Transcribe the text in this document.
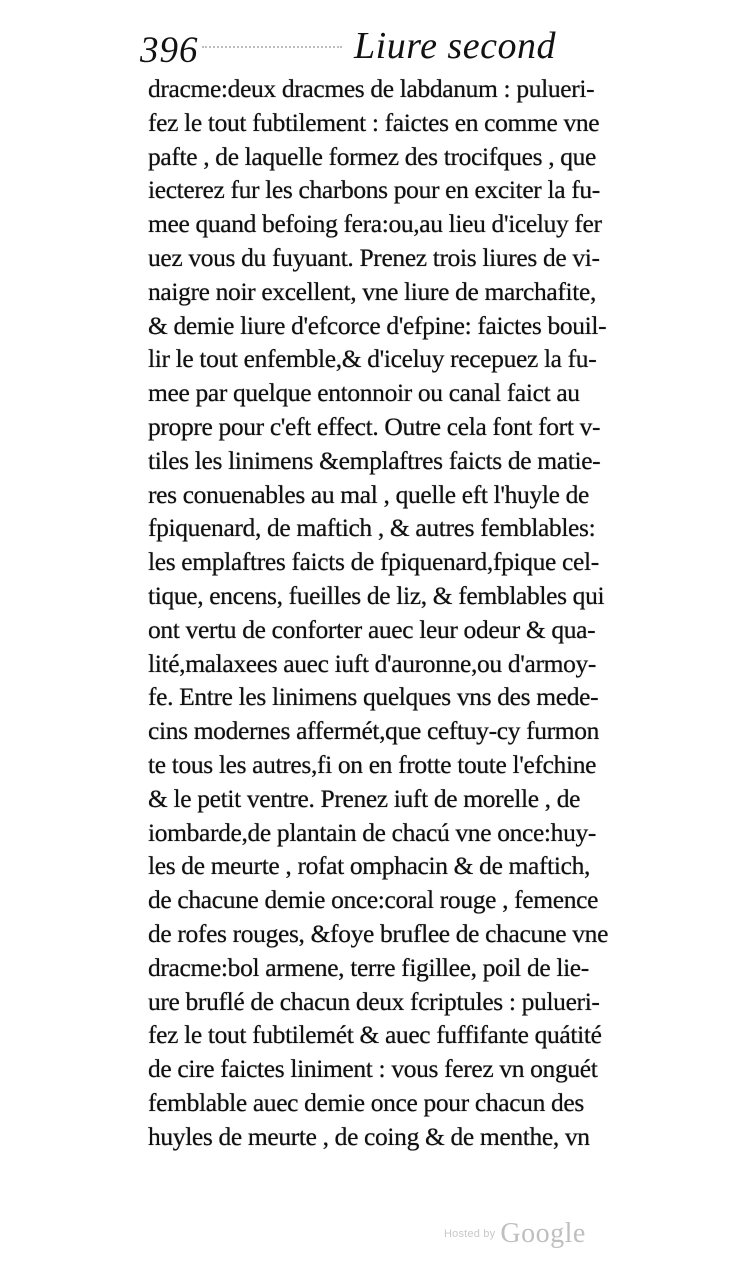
396	Liure second
dracme:deux dracmes de labdanum : pulueri-
fez le tout fubtilement : faictes en comme vne
pafte , de laquelle formez des trocifques , que
iecterez fur les charbons pour en exciter la fu-
mee quand befoing fera:ou,au lieu d'iceluy fer
uez vous du fuyuant. Prenez trois liures de vi-
naigre noir excellent, vne liure de marchafite,
& demie liure d'efcorce d'efpine: faictes bouil-
lir le tout enfemble,& d'iceluy recepuez la fu-
mee par quelque entonnoir ou canal faict au
propre pour c'eft effect. Outre cela font fort v-
tiles les linimens &emplaftres faicts de matie-
res conuenables au mal , quelle eft l'huyle de
fpiquenard, de maftich , & autres femblables:
les emplaftres faicts de fpiquenard,fpique cel-
tique, encens, fueilles de liz, & femblables qui
ont vertu de conforter auec leur odeur & qua-
lité,malaxees auec iuft d'auronne,ou d'armoy-
fe. Entre les linimens quelques vns des mede-
cins modernes affermét,que ceftuy-cy furmon
te tous les autres,fi on en frotte toute l'efchine
& le petit ventre. Prenez iuft de morelle , de
iombarde,de plantain de chacú vne once:huy-
les de meurte , rofat omphacin & de maftich,
de chacune demie once:coral rouge , femence
de rofes rouges, &foye bruflee de chacune vne
dracme:bol armene, terre figillee, poil de lie-
ure bruflé de chacun deux fcriptules : pulueri-
fez le tout fubtilemét & auec fuffifante quátité
de cire faictes liniment : vous ferez vn onguét
femblable auec demie once pour chacun des
huyles de meurte , de coing & de menthe, vn
Hosted by Google
